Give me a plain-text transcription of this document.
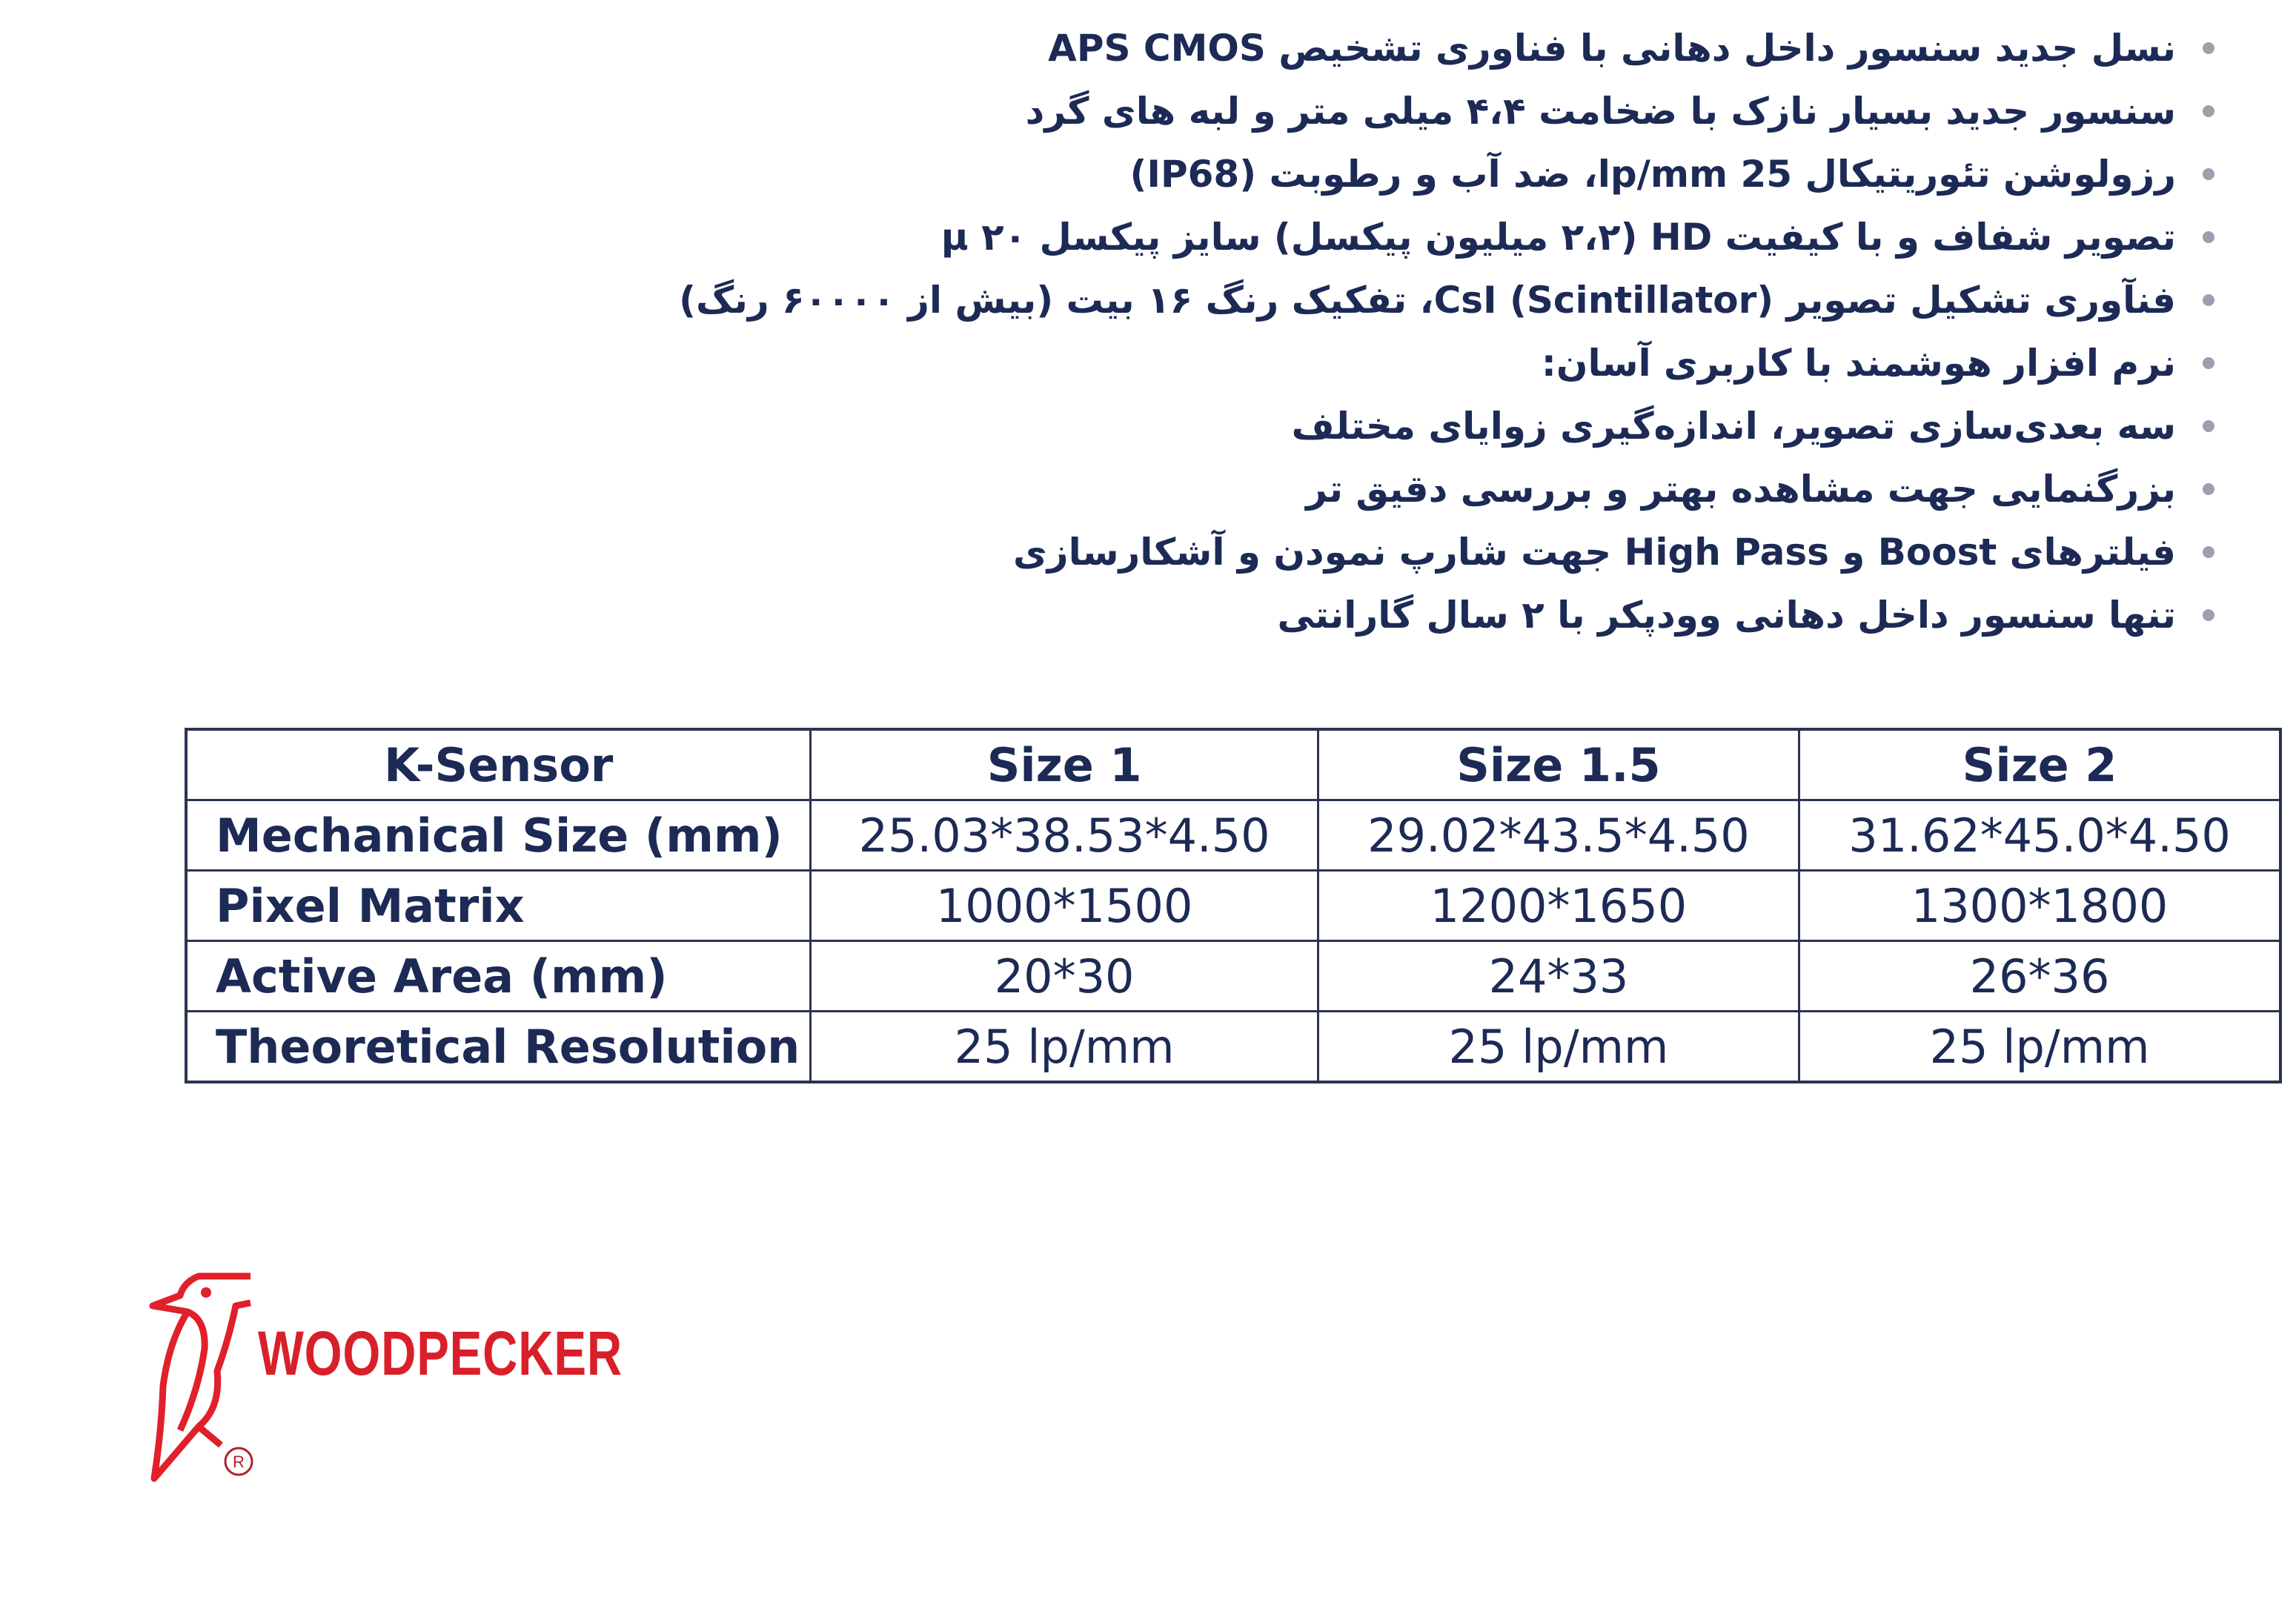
نسل جدید سنسور داخل دهانی با فناوری تشخیص APS CMOS
سنسور جدید بسیار نازک با ضخامت ۴،۴ میلی متر و لبه های گرد
رزولوشن تئوریتیکال 25 lp/mm، ضد آب و رطوبت (IP68)
تصویر شفاف و با کیفیت HD (۲،۲ میلیون پیکسل) سایز پیکسل ۲۰ μ
فنآوری تشکیل تصویر (Scintillator) CsI، تفکیک رنگ ۱۶ بیت (بیش از ۶۰۰۰۰ رنگ)
نرم افزار هوشمند با کاربری آسان:
سه بعدی‌سازی تصویر، اندازه‌گیری زوایای مختلف
بزرگنمایی جهت مشاهده بهتر و بررسی دقیق تر
فیلترهای Boost و High Pass جهت شارپ نمودن و آشکارسازی
تنها سنسور داخل دهانی وودپکر با ۲ سال گارانتی
K-Sensor	Size 1	Size 1.5	Size 2
Mechanical Size (mm)	25.03*38.53*4.50	29.02*43.5*4.50	31.62*45.0*4.50
Pixel Matrix	1000*1500	1200*1650	1300*1800
Active Area (mm)	20*30	24*33	26*36
Theoretical Resolution	25 lp/mm	25 lp/mm	25 lp/mm
WOODPECKER
R
